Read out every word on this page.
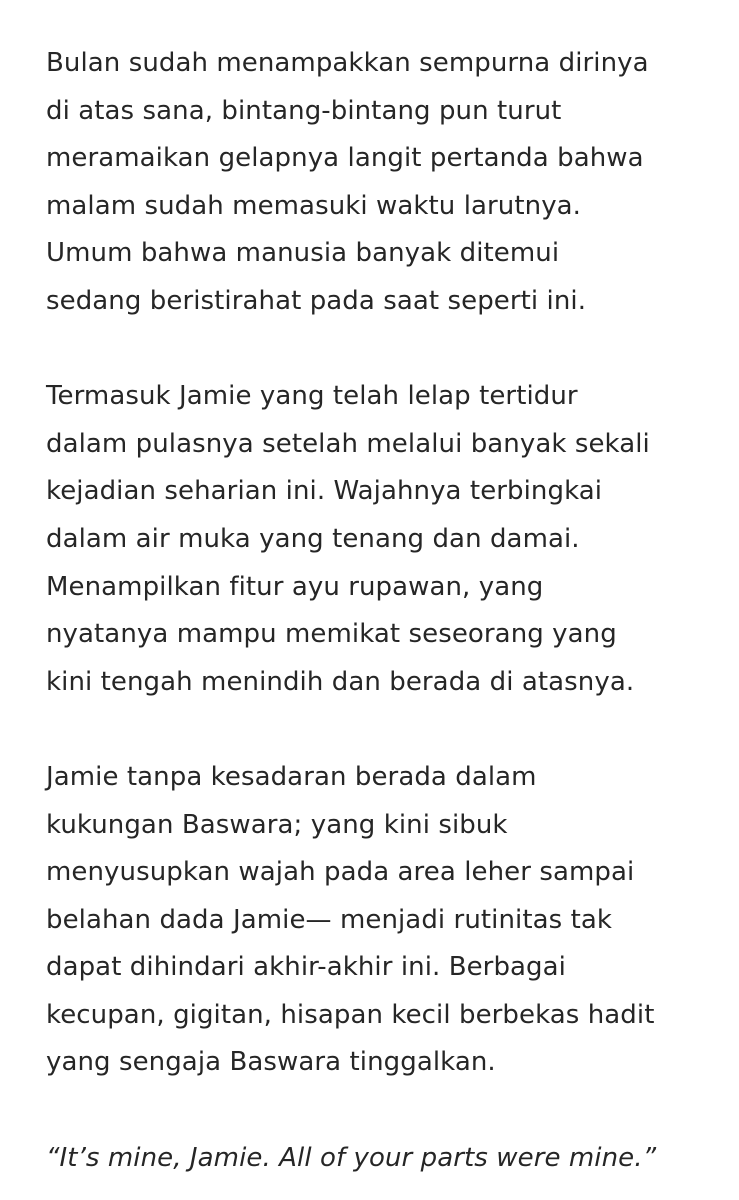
Bulan sudah menampakkan sempurna dirinya
di atas sana, bintang-bintang pun turut
meramaikan gelapnya langit pertanda bahwa
malam sudah memasuki waktu larutnya.
Umum bahwa manusia banyak ditemui
sedang beristirahat pada saat seperti ini.

Termasuk Jamie yang telah lelap tertidur
dalam pulasnya setelah melalui banyak sekali
kejadian seharian ini. Wajahnya terbingkai
dalam air muka yang tenang dan damai.
Menampilkan fitur ayu rupawan, yang
nyatanya mampu memikat seseorang yang
kini tengah menindih dan berada di atasnya.

Jamie tanpa kesadaran berada dalam
kukungan Baswara; yang kini sibuk
menyusupkan wajah pada area leher sampai
belahan dada Jamie— menjadi rutinitas tak
dapat dihindari akhir-akhir ini. Berbagai
kecupan, gigitan, hisapan kecil berbekas hadit
yang sengaja Baswara tinggalkan.

“It’s mine, Jamie. All of your parts were mine.”
